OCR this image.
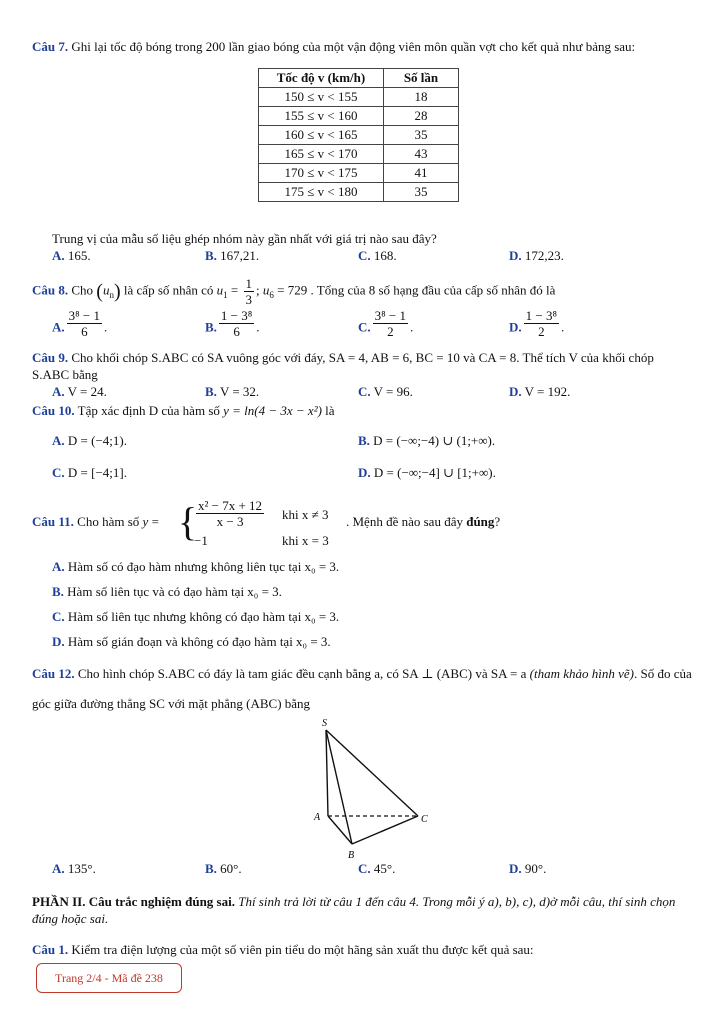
Câu 7. Ghi lại tốc độ bóng trong 200 lần giao bóng của một vận động viên môn quần vợt cho kết quả như bảng sau:
Tốc độ v (km/h)	Số lần
150 ≤ v < 155	18
155 ≤ v < 160	28
160 ≤ v < 165	35
165 ≤ v < 170	43
170 ≤ v < 175	41
175 ≤ v < 180	35
Trung vị của mẫu số liệu ghép nhóm này gần nhất với giá trị nào sau đây?
A. 165.	B. 167,21.	C. 168.	D. 172,23.
Câu 8. Cho $(u_n)$ là cấp số nhân có $u_1 = \frac{1}{3}$ ; $u_6 = 729$ . Tổng của 8 số hạng đầu của cấp số nhân đó là
A. $\frac{\text{3⁸ − 1}}{6}$ .	B. $\frac{\text{1 − 3⁸}}{6}$ .	C. $\frac{\text{3⁸ − 1}}{2}$ .	D. $\frac{\text{1 − 3⁸}}{2}$ .
Câu 9. Cho khối chóp S.ABC có SA vuông góc với đáy, SA = 4, AB = 6, BC = 10 và CA = 8. Thể tích V của khối chóp S.ABC bằng
A. V = 24.	B. V = 32.	C. V = 96.	D. V = 192.
Câu 10. Tập xác định D của hàm số y = ln(4 − 3x − x²) là
A. D = (−4;1).	B. D = (−∞;−4) ∪ (1;+∞).
C. D = [−4;1].	D. D = (−∞;−4] ∪ [1;+∞).
Câu 11. Cho hàm số y = {
$\frac{\text{x² − 7x + 12}}{x - 3}$ khi x ≠ 3
−1	khi x = 3
. Mệnh đề nào sau đây đúng?
A. Hàm số có đạo hàm nhưng không liên tục tại x₀ = 3.
B. Hàm số liên tục và có đạo hàm tại x₀ = 3.
C. Hàm số liên tục nhưng không có đạo hàm tại x₀ = 3.
D. Hàm số gián đoạn và không có đạo hàm tại x₀ = 3.
Câu 12. Cho hình chóp S.ABC có đáy là tam giác đều cạnh bằng a, có SA ⊥ (ABC) và SA = a (tham khảo hình vẽ). Số đo của góc giữa đường thẳng SC với mặt phẳng (ABC) bằng
S
A
B
C
A. 135°.	B. 60°.	C. 45°.	D. 90°.
PHẦN II. Câu trắc nghiệm đúng sai. Thí sinh trả lời từ câu 1 đến câu 4. Trong mỗi ý a), b), c), d)ở mỗi câu, thí sinh chọn đúng hoặc sai.
Câu 1. Kiểm tra điện lượng của một số viên pin tiểu do một hãng sản xuất thu được kết quả sau:
Trang 2/4 - Mã đề 238
